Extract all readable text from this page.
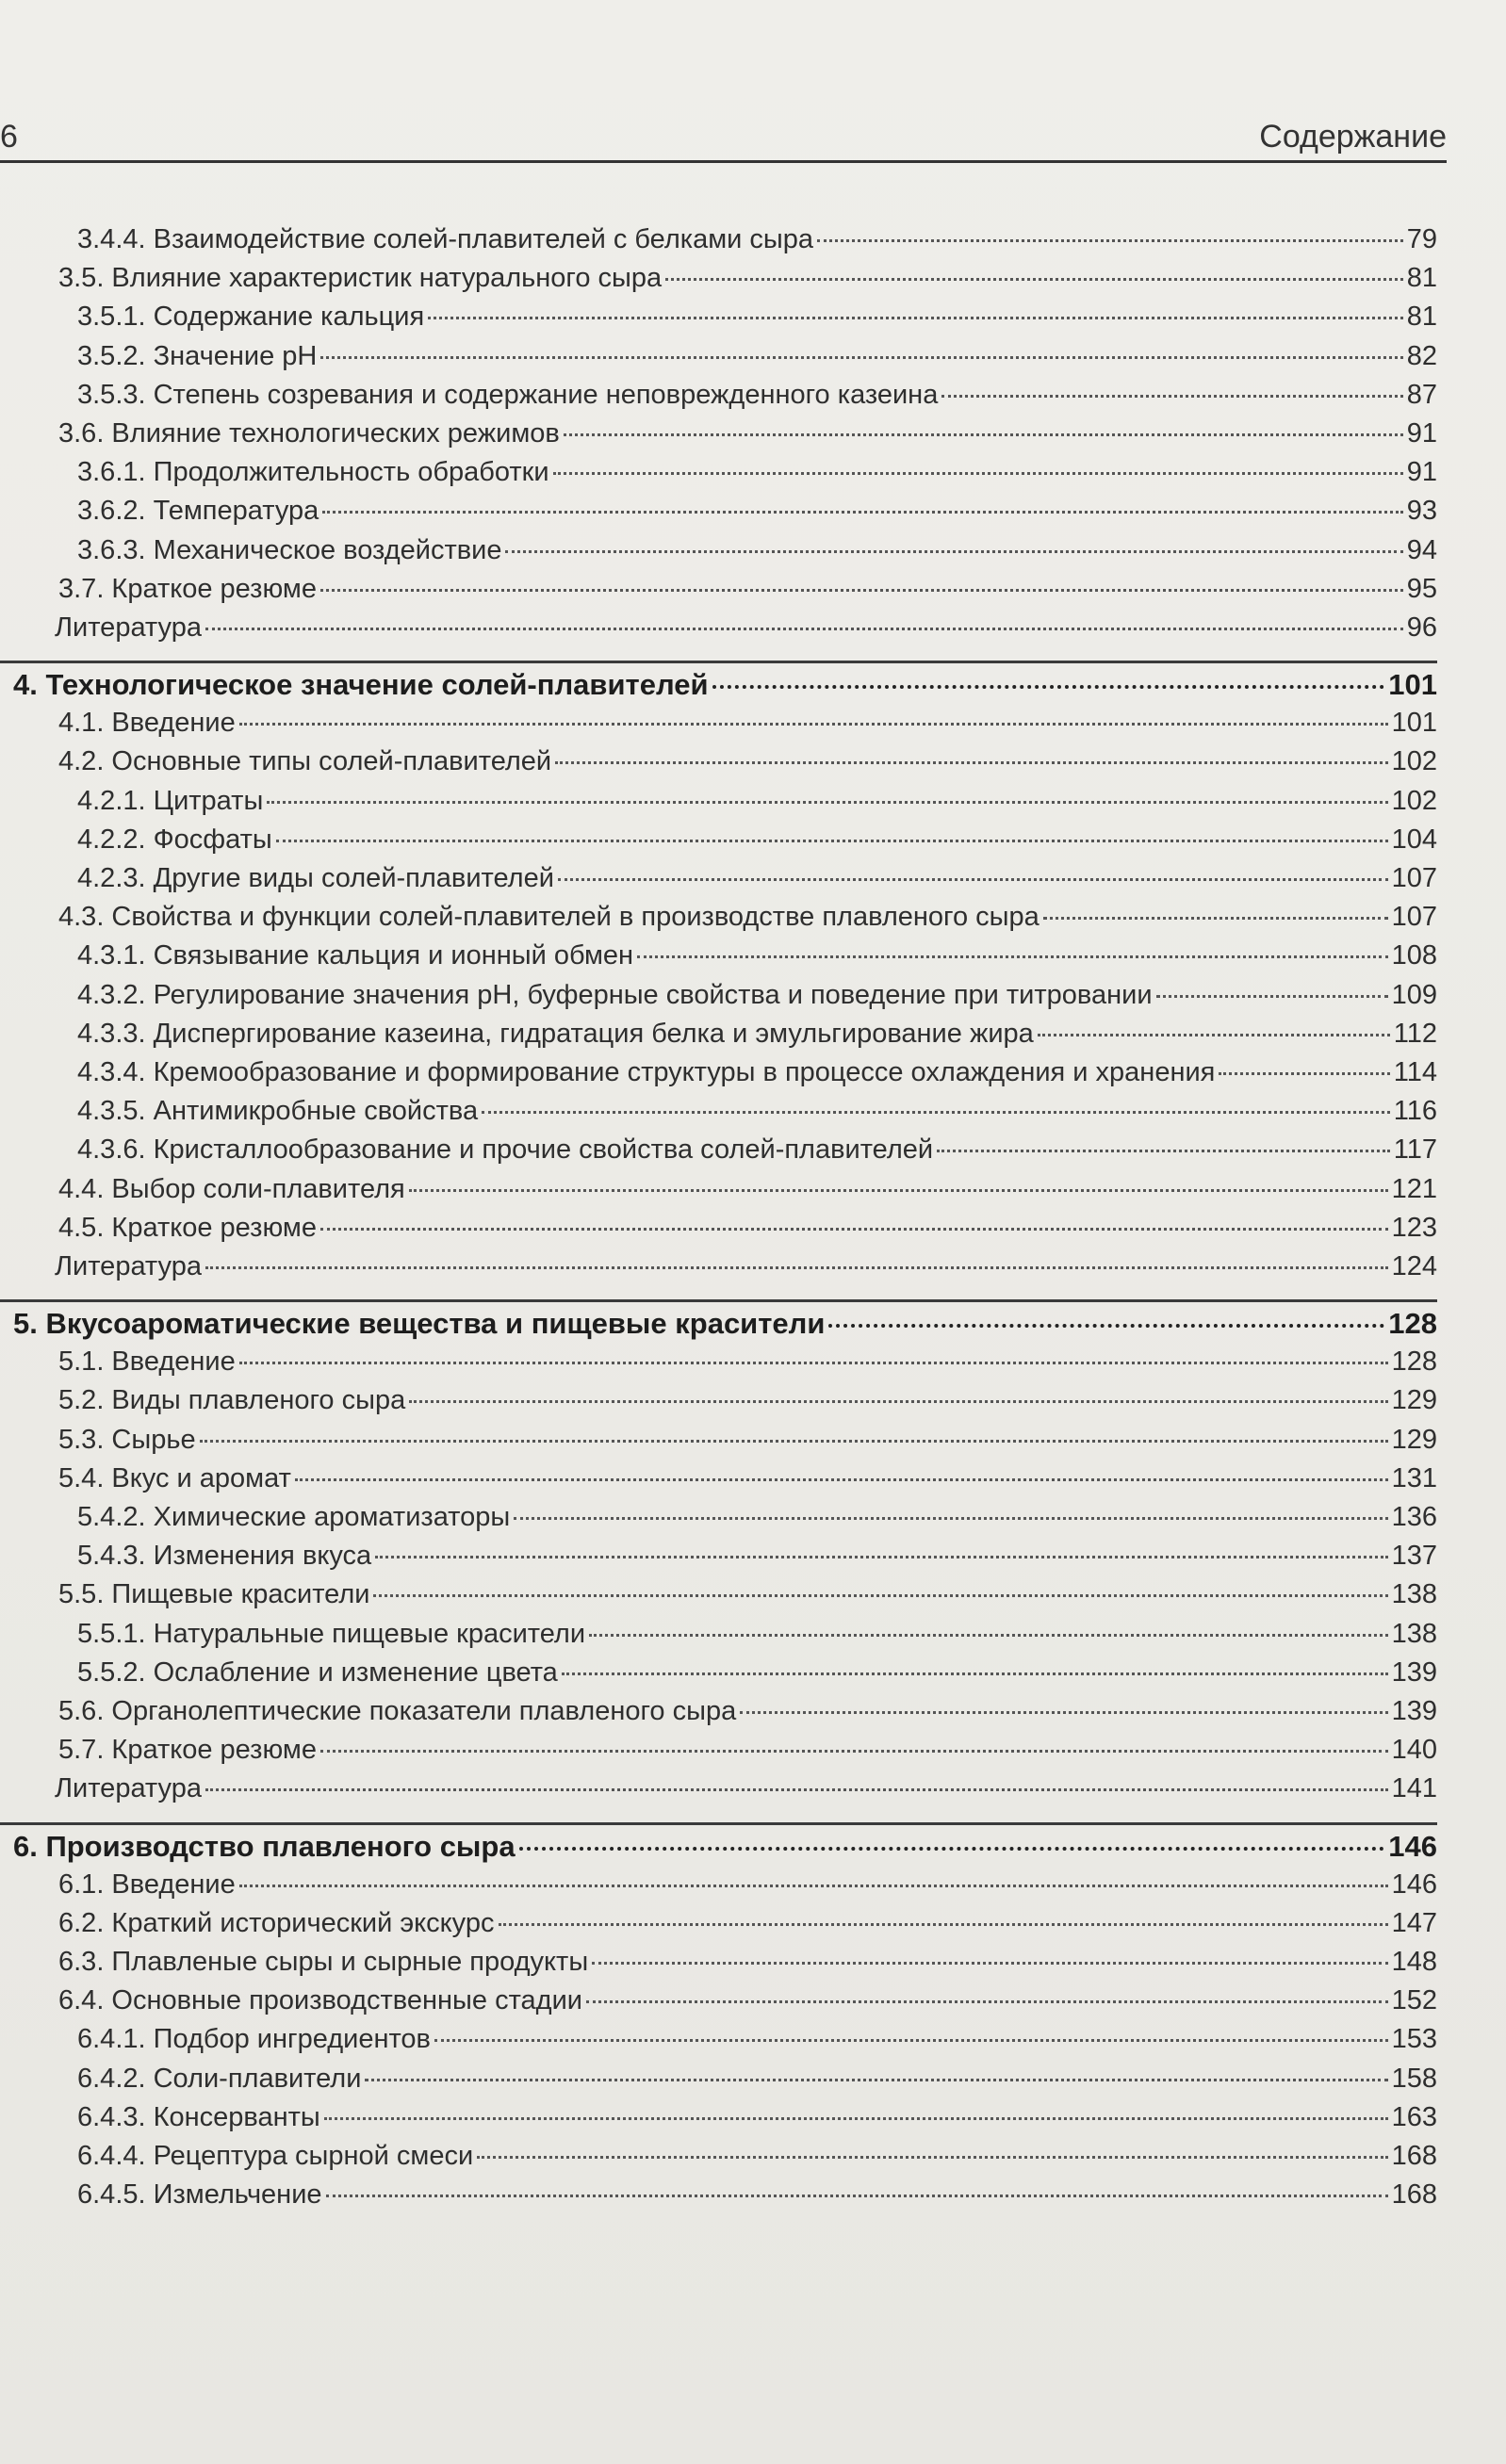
6	Содержание
3.4.4. Взаимодействие солей-плавителей с белками сыра	79
3.5. Влияние характеристик натурального сыра	81
3.5.1. Содержание кальция	81
3.5.2. Значение pH	82
3.5.3. Степень созревания и содержание неповрежденного казеина	87
3.6. Влияние технологических режимов	91
3.6.1. Продолжительность обработки	91
3.6.2. Температура	93
3.6.3. Механическое воздействие	94
3.7. Краткое резюме	95
Литература	96
4. Технологическое значение солей-плавителей	101
4.1. Введение	101
4.2. Основные типы солей-плавителей	102
4.2.1. Цитраты	102
4.2.2. Фосфаты	104
4.2.3. Другие виды солей-плавителей	107
4.3. Свойства и функции солей-плавителей в производстве плавленого сыра	107
4.3.1. Связывание кальция и ионный обмен	108
4.3.2. Регулирование значения pH, буферные свойства и поведение при титровании	109
4.3.3. Диспергирование казеина, гидратация белка и эмульгирование жира	112
4.3.4. Кремообразование и формирование структуры в процессе охлаждения и хранения	114
4.3.5. Антимикробные свойства	116
4.3.6. Кристаллообразование и прочие свойства солей-плавителей	117
4.4. Выбор соли-плавителя	121
4.5. Краткое резюме	123
Литература	124
5. Вкусоароматические вещества и пищевые красители	128
5.1. Введение	128
5.2. Виды плавленого сыра	129
5.3. Сырье	129
5.4. Вкус и аромат	131
5.4.2. Химические ароматизаторы	136
5.4.3. Изменения вкуса	137
5.5. Пищевые красители	138
5.5.1. Натуральные пищевые красители	138
5.5.2. Ослабление и изменение цвета	139
5.6. Органолептические показатели плавленого сыра	139
5.7. Краткое резюме	140
Литература	141
6. Производство плавленого сыра	146
6.1. Введение	146
6.2. Краткий исторический экскурс	147
6.3. Плавленые сыры и сырные продукты	148
6.4. Основные производственные стадии	152
6.4.1. Подбор ингредиентов	153
6.4.2. Соли-плавители	158
6.4.3. Консерванты	163
6.4.4. Рецептура сырной смеси	168
6.4.5. Измельчение	168
